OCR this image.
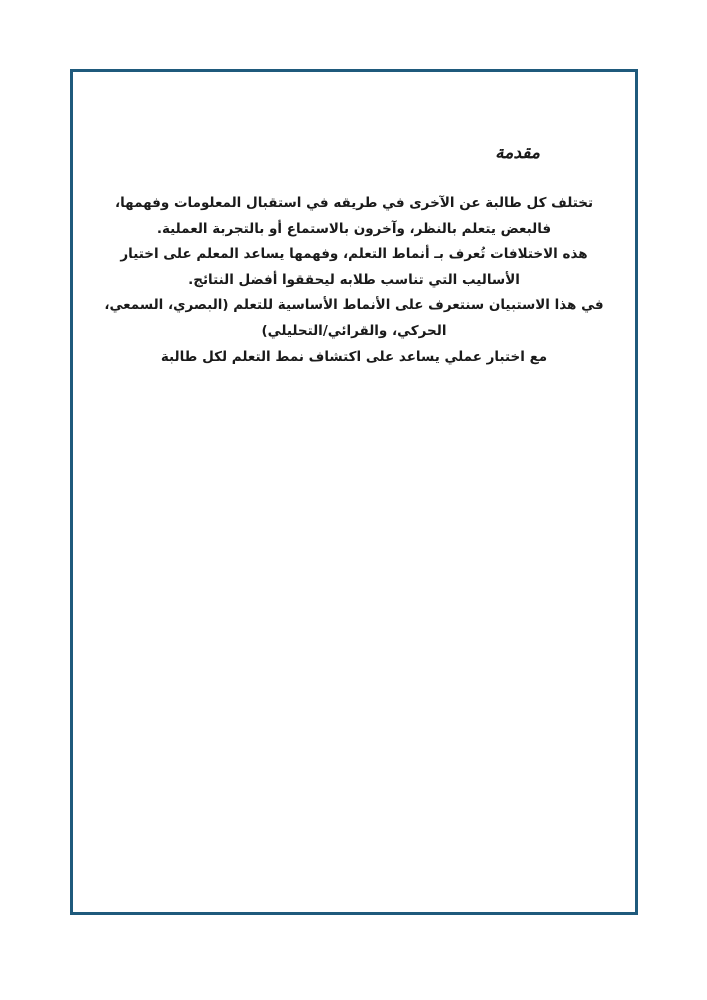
مقدمة
تختلف كل طالبة عن الآخرى في طريقه في استقبال المعلومات وفهمها،
فالبعض يتعلم بالنظر، وآخرون بالاستماع أو بالتجربة العملية.
هذه الاختلافات تُعرف بـ أنماط التعلم، وفهمها يساعد المعلم على اختيار
الأساليب التي تناسب طلابه ليحققوا أفضل النتائج.
في هذا الاستبيان سنتعرف على الأنماط الأساسية للتعلم (البصري، السمعي،
الحركي، والقرائي/التحليلي)
مع اختبار عملي يساعد على اكتشاف نمط التعلم لكل طالبة
